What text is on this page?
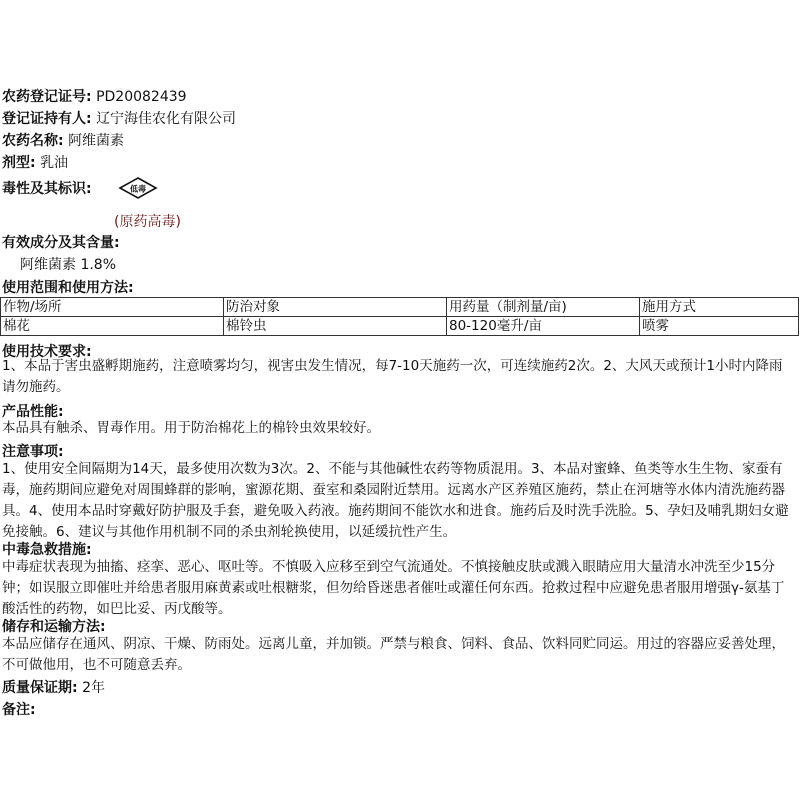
农药登记证号: PD20082439
登记证持有人: 辽宁海佳农化有限公司
农药名称: 阿维菌素
剂型: 乳油
毒性及其标识:	低毒
(原药高毒)
有效成分及其含量:
阿维菌素 1.8%
使用范围和使用方法:
作物/场所	防治对象	用药量（制剂量/亩)	施用方式
棉花	棉铃虫	80-120毫升/亩	喷雾
使用技术要求:
1、本品于害虫盛孵期施药，注意喷雾均匀，视害虫发生情况，每7-10天施药一次，可连续施药2次。2、大风天或预计1小时内降雨请勿施药。
产品性能:
本品具有触杀、胃毒作用。用于防治棉花上的棉铃虫效果较好。
注意事项:
1、使用安全间隔期为14天，最多使用次数为3次。2、不能与其他碱性农药等物质混用。3、本品对蜜蜂、鱼类等水生生物、家蚕有毒，施药期间应避免对周围蜂群的影响，蜜源花期、蚕室和桑园附近禁用。远离水产区养殖区施药，禁止在河塘等水体内清洗施药器具。4、使用本品时穿戴好防护服及手套，避免吸入药液。施药期间不能饮水和进食。施药后及时洗手洗脸。5、孕妇及哺乳期妇女避免接触。6、建议与其他作用机制不同的杀虫剂轮换使用，以延缓抗性产生。
中毒急救措施:
中毒症状表现为抽搐、痉挛、恶心、呕吐等。不慎吸入应移至到空气流通处。不慎接触皮肤或溅入眼睛应用大量清水冲洗至少15分钟；如误服立即催吐并给患者服用麻黄素或吐根糖浆，但勿给昏迷患者催吐或灌任何东西。抢救过程中应避免患者服用增强γ-氨基丁酸活性的药物，如巴比妥、丙戊酸等。
储存和运输方法:
本品应储存在通风、阴凉、干燥、防雨处。远离儿童，并加锁。严禁与粮食、饲料、食品、饮料同贮同运。用过的容器应妥善处理，不可做他用，也不可随意丢弃。
质量保证期: 2年
备注:
